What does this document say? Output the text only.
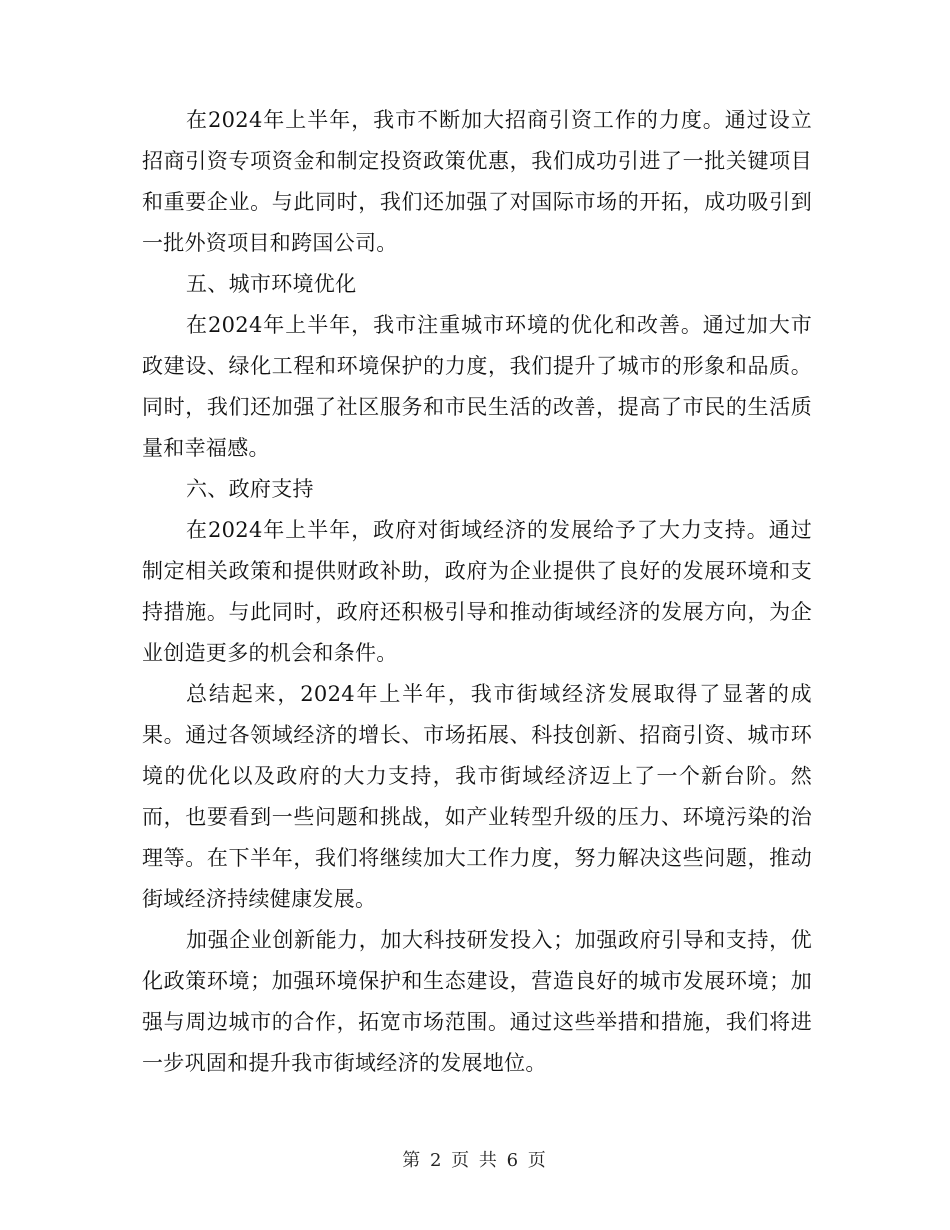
在2024年上半年，我市不断加大招商引资工作的力度。通过设立招商引资专项资金和制定投资政策优惠，我们成功引进了一批关键项目和重要企业。与此同时，我们还加强了对国际市场的开拓，成功吸引到一批外资项目和跨国公司。

五、城市环境优化

在2024年上半年，我市注重城市环境的优化和改善。通过加大市政建设、绿化工程和环境保护的力度，我们提升了城市的形象和品质。同时，我们还加强了社区服务和市民生活的改善，提高了市民的生活质量和幸福感。

六、政府支持

在2024年上半年，政府对街域经济的发展给予了大力支持。通过制定相关政策和提供财政补助，政府为企业提供了良好的发展环境和支持措施。与此同时，政府还积极引导和推动街域经济的发展方向，为企业创造更多的机会和条件。

总结起来，2024年上半年，我市街域经济发展取得了显著的成果。通过各领域经济的增长、市场拓展、科技创新、招商引资、城市环境的优化以及政府的大力支持，我市街域经济迈上了一个新台阶。然而，也要看到一些问题和挑战，如产业转型升级的压力、环境污染的治理等。在下半年，我们将继续加大工作力度，努力解决这些问题，推动街域经济持续健康发展。

加强企业创新能力，加大科技研发投入；加强政府引导和支持，优化政策环境；加强环境保护和生态建设，营造良好的城市发展环境；加强与周边城市的合作，拓宽市场范围。通过这些举措和措施，我们将进一步巩固和提升我市街域经济的发展地位。

第 2 页 共 6 页
